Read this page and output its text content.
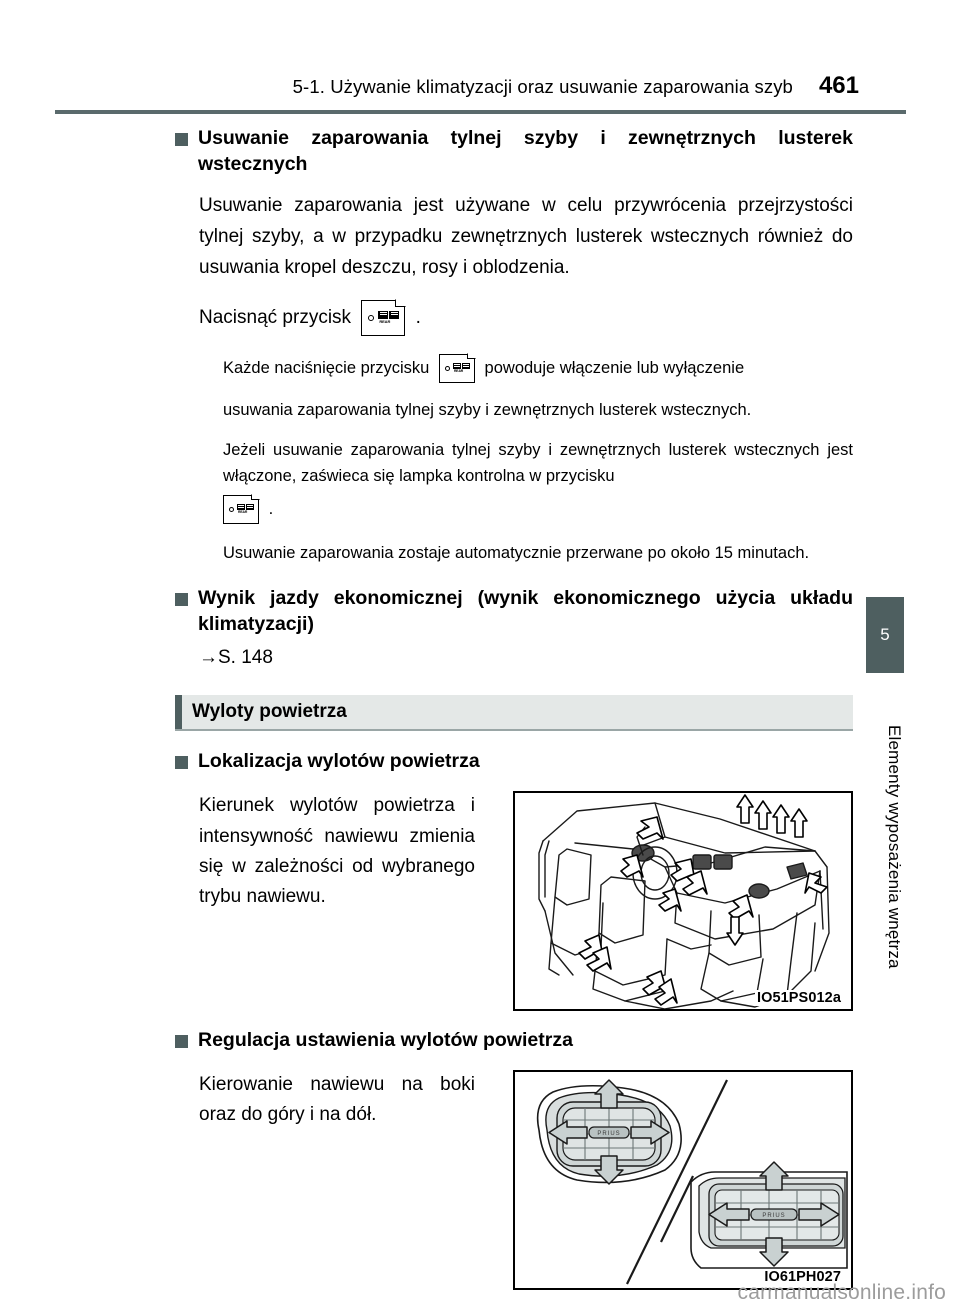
5-1. Używanie klimatyzacji oraz usuwanie zaparowania szyb 461
Usuwanie zaparowania tylnej szyby i zewnętrznych lusterek wstecznych
Usuwanie zaparowania jest używane w celu przywrócenia przejrzystości tylnej szyby, a w przypadku zewnętrznych lusterek wstecznych również do usuwania kropel deszczu, rosy i oblodzenia.
Nacisnąć przycisk	REAR .
Każde naciśnięcie przycisku	REAR powoduje włączenie lub wyłączenie
usuwania zaparowania tylnej szyby i zewnętrznych lusterek wstecznych.
Jeżeli usuwanie zaparowania tylnej szyby i zewnętrznych lusterek wstecznych jest włączone, zaświeca się lampka kontrolna w przycisku
REAR .
Usuwanie zaparowania zostaje automatycznie przerwane po około 15 minutach.
Wynik jazdy ekonomicznej (wynik ekonomicznego użycia układu klimatyzacji)
→S. 148
Wyloty powietrza
Lokalizacja wylotów powietrza
Kierunek wylotów powietrza i intensywność nawiewu zmienia się w zależności od wybranego trybu nawiewu.
IO51PS012a
Regulacja ustawienia wylotów powietrza
Kierowanie nawiewu na boki oraz do góry i na dół.
PRIUS
PRIUS
IO61PH027
5
Elementy wyposażenia wnętrza
carmanualsonline.info
